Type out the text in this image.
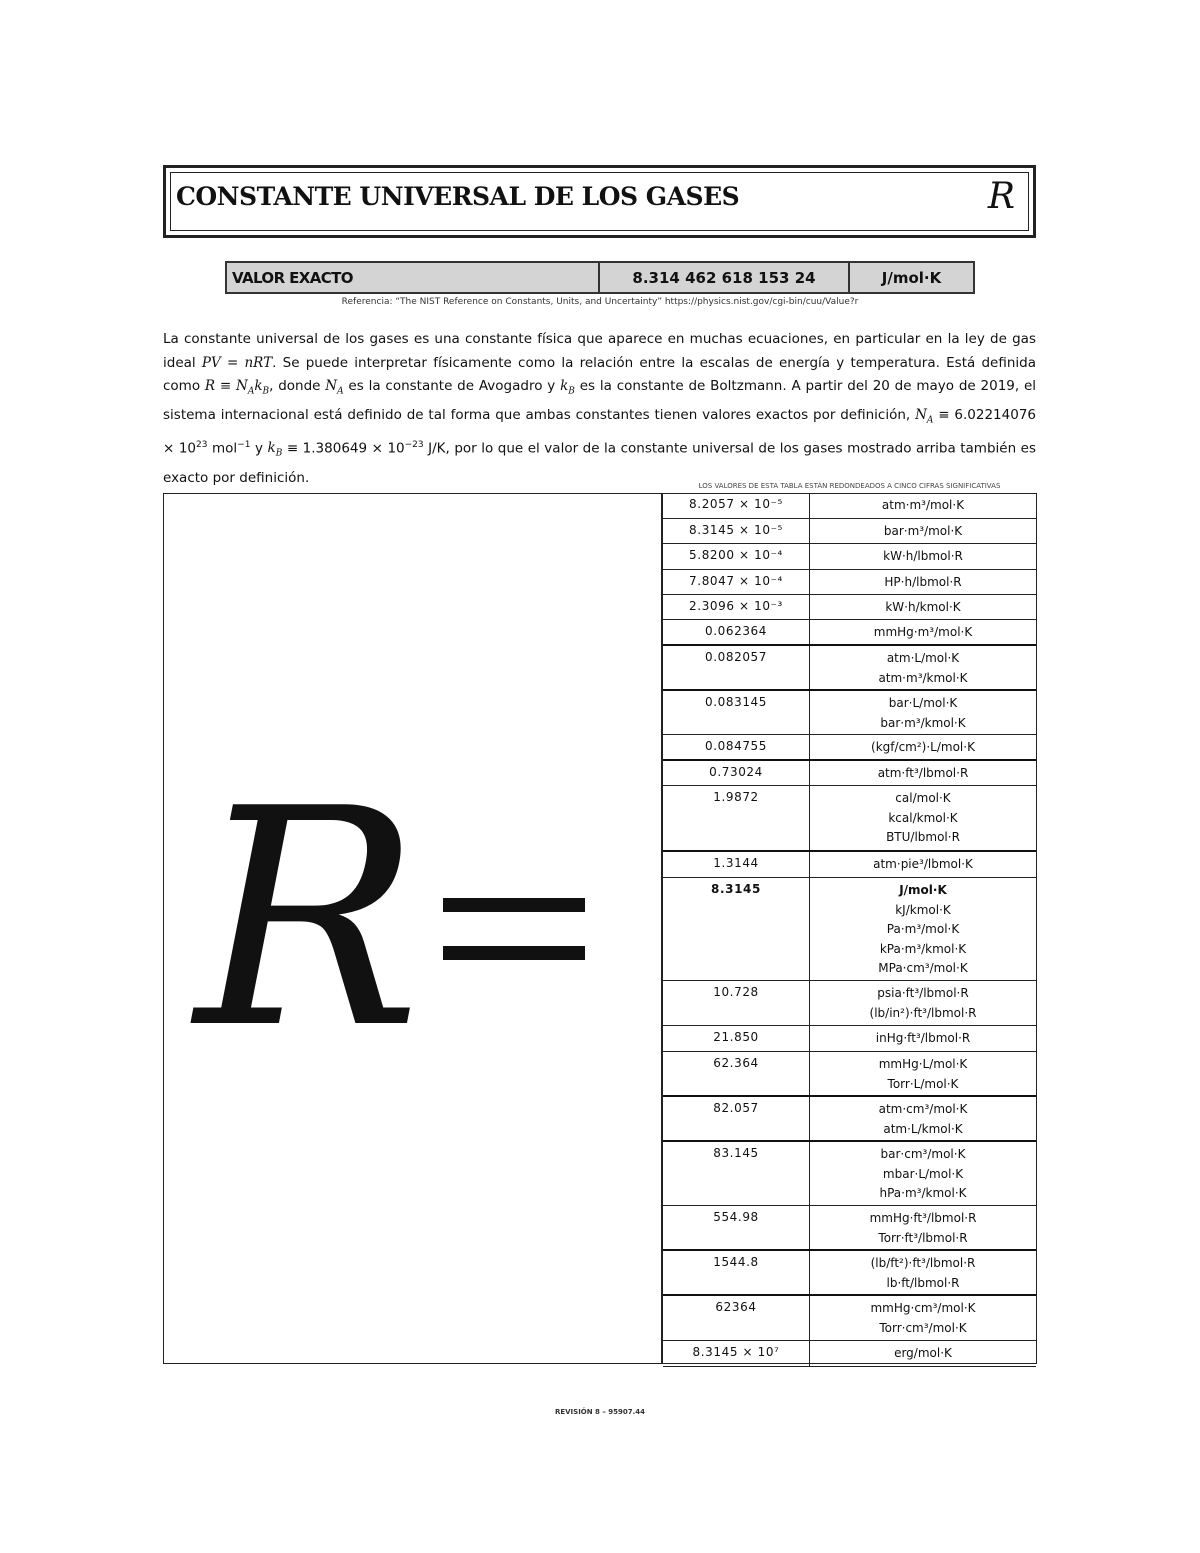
CONSTANTE UNIVERSAL DE LOS GASES	R
VALOR EXACTO	8.314 462 618 153 24	J/mol·K
Referencia: “The NIST Reference on Constants, Units, and Uncertainty” https://physics.nist.gov/cgi-bin/cuu/Value?r
La constante universal de los gases es una constante física que aparece en muchas ecuaciones, en particular en la ley de gas ideal PV = nRT. Se puede interpretar físicamente como la relación entre la escalas de energía y temperatura. Está definida como $R \equiv N_Ak_B$, donde $N_A$ es la constante de Avogadro y $k_B$ es la constante de Boltzmann. A partir del 20 de mayo de 2019, el sistema internacional está definido de tal forma que ambas constantes tienen valores exactos por definición, $N_A \equiv 6.02214076 \times 10^{23}$ mol$^{-1}$ y $k_B \equiv 1.380649 \times 10^{-23}$ J/K, por lo que el valor de la constante universal de los gases mostrado arriba también es exacto por definición.
LOS VALORES DE ESTA TABLA ESTÁN REDONDEADOS A CINCO CIFRAS SIGNIFICATIVAS
R
8.2057 × 10⁻⁵	atm·m³/mol·K
8.3145 × 10⁻⁵	bar·m³/mol·K
5.8200 × 10⁻⁴	kW·h/lbmol·R
7.8047 × 10⁻⁴	HP·h/lbmol·R
2.3096 × 10⁻³	kW·h/kmol·K
0.062364	mmHg·m³/mol·K
0.082057	atm·L/mol·K
atm·m³/kmol·K
0.083145	bar·L/mol·K
bar·m³/kmol·K
0.084755	(kgf/cm²)·L/mol·K
0.73024	atm·ft³/lbmol·R
1.9872	cal/mol·K
kcal/kmol·K
BTU/lbmol·R
1.3144	atm·pie³/lbmol·K
8.3145	J/mol·K
kJ/kmol·K
Pa·m³/mol·K
kPa·m³/kmol·K
MPa·cm³/mol·K
10.728	psia·ft³/lbmol·R
(lb/in²)·ft³/lbmol·R
21.850	inHg·ft³/lbmol·R
62.364	mmHg·L/mol·K
Torr·L/mol·K
82.057	atm·cm³/mol·K
atm·L/kmol·K
83.145	bar·cm³/mol·K
mbar·L/mol·K
hPa·m³/kmol·K
554.98	mmHg·ft³/lbmol·R
Torr·ft³/lbmol·R
1544.8	(lb/ft²)·ft³/lbmol·R
lb·ft/lbmol·R
62364	mmHg·cm³/mol·K
Torr·cm³/mol·K
8.3145 × 10⁷	erg/mol·K
REVISIÓN 8 – 95907.44
